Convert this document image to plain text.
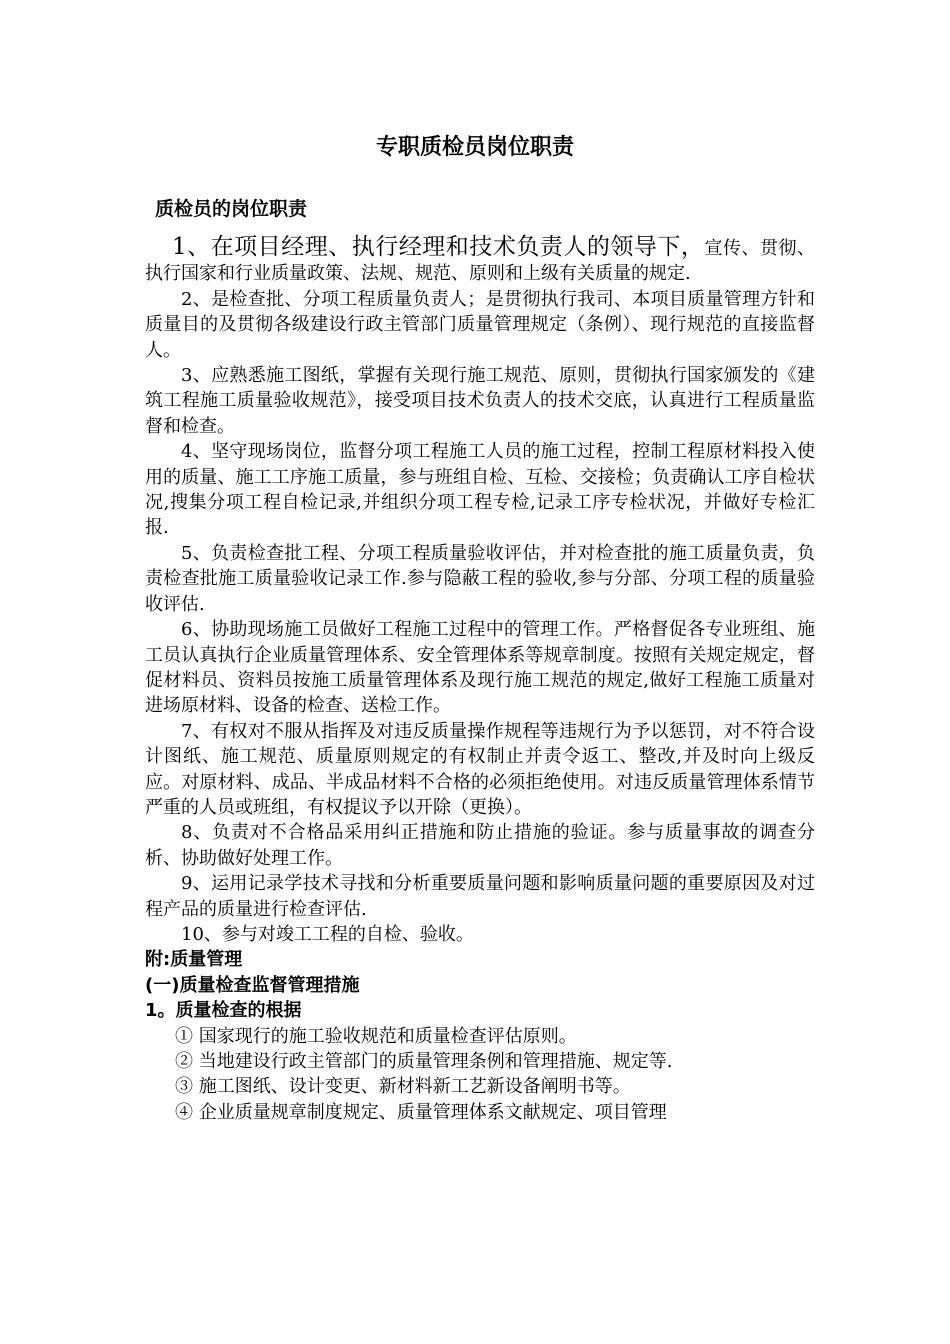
专职质检员岗位职责
质检员的岗位职责

1、在项目经理、执行经理和技术负责人的领导下，宣传、贯彻、执行国家和行业质量政策、法规、规范、原则和上级有关质量的规定.

2、是检查批、分项工程质量负责人；是贯彻执行我司、本项目质量管理方针和质量目的及贯彻各级建设行政主管部门质量管理规定（条例）、现行规范的直接监督人。

3、应熟悉施工图纸，掌握有关现行施工规范、原则，贯彻执行国家颁发的《建筑工程施工质量验收规范》，接受项目技术负责人的技术交底，认真进行工程质量监督和检查。

4、坚守现场岗位，监督分项工程施工人员的施工过程，控制工程原材料投入使用的质量、施工工序施工质量，参与班组自检、互检、交接检；负责确认工序自检状况,搜集分项工程自检记录,并组织分项工程专检,记录工序专检状况，并做好专检汇报.

5、负责检查批工程、分项工程质量验收评估，并对检查批的施工质量负责，负责检查批施工质量验收记录工作.参与隐蔽工程的验收,参与分部、分项工程的质量验收评估.

6、协助现场施工员做好工程施工过程中的管理工作。严格督促各专业班组、施工员认真执行企业质量管理体系、安全管理体系等规章制度。按照有关规定规定，督促材料员、资料员按施工质量管理体系及现行施工规范的规定,做好工程施工质量对进场原材料、设备的检查、送检工作。

7、有权对不服从指挥及对违反质量操作规程等违规行为予以惩罚，对不符合设计图纸、施工规范、质量原则规定的有权制止并责令返工、整改,并及时向上级反应。对原材料、成品、半成品材料不合格的必须拒绝使用。对违反质量管理体系情节严重的人员或班组，有权提议予以开除（更换）。

8、负责对不合格品采用纠正措施和防止措施的验证。参与质量事故的调查分析、协助做好处理工作。

9、运用记录学技术寻找和分析重要质量问题和影响质量问题的重要原因及对过程产品的质量进行检查评估.

10、参与对竣工工程的自检、验收。

附:质量管理

(一)质量检查监督管理措施

1。质量检查的根据

① 国家现行的施工验收规范和质量检查评估原则。

② 当地建设行政主管部门的质量管理条例和管理措施、规定等.

③ 施工图纸、设计变更、新材料新工艺新设备阐明书等。

④ 企业质量规章制度规定、质量管理体系文献规定、项目管理
